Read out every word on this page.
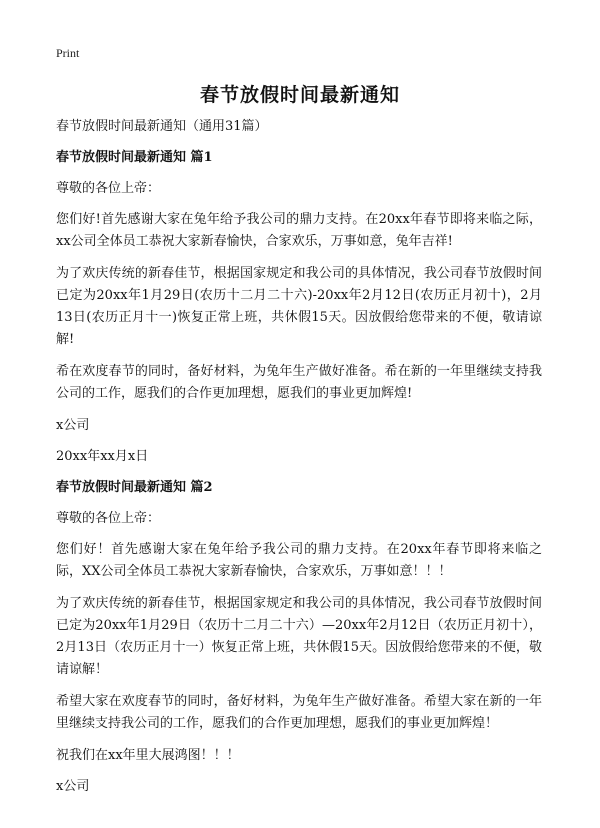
Print
春节放假时间最新通知

春节放假时间最新通知（通用31篇）

春节放假时间最新通知 篇1

尊敬的各位上帝：

您们好!首先感谢大家在兔年给予我公司的鼎力支持。在20xx年春节即将来临之际，xx公司全体员工恭祝大家新春愉快，合家欢乐，万事如意，兔年吉祥!

为了欢庆传统的新春佳节，根据国家规定和我公司的具体情况，我公司春节放假时间已定为20xx年1月29日(农历十二月二十六)-20xx年2月12日(农历正月初十)，2月13日(农历正月十一)恢复正常上班，共休假15天。因放假给您带来的不便，敬请谅解!

希在欢度春节的同时，备好材料，为兔年生产做好准备。希在新的一年里继续支持我公司的工作，愿我们的合作更加理想，愿我们的事业更加辉煌!

x公司

20xx年xx月x日

春节放假时间最新通知 篇2

尊敬的各位上帝：

您们好！首先感谢大家在兔年给予我公司的鼎力支持。在20xx年春节即将来临之际，XX公司全体员工恭祝大家新春愉快，合家欢乐，万事如意！！！

为了欢庆传统的新春佳节，根据国家规定和我公司的具体情况，我公司春节放假时间已定为20xx年1月29日（农历十二月二十六）—20xx年2月12日（农历正月初十），2月13日（农历正月十一）恢复正常上班，共休假15天。因放假给您带来的不便，敬请谅解！

希望大家在欢度春节的同时，备好材料，为兔年生产做好准备。希望大家在新的一年里继续支持我公司的工作，愿我们的合作更加理想，愿我们的事业更加辉煌！

祝我们在xx年里大展鸿图！！！

x公司
